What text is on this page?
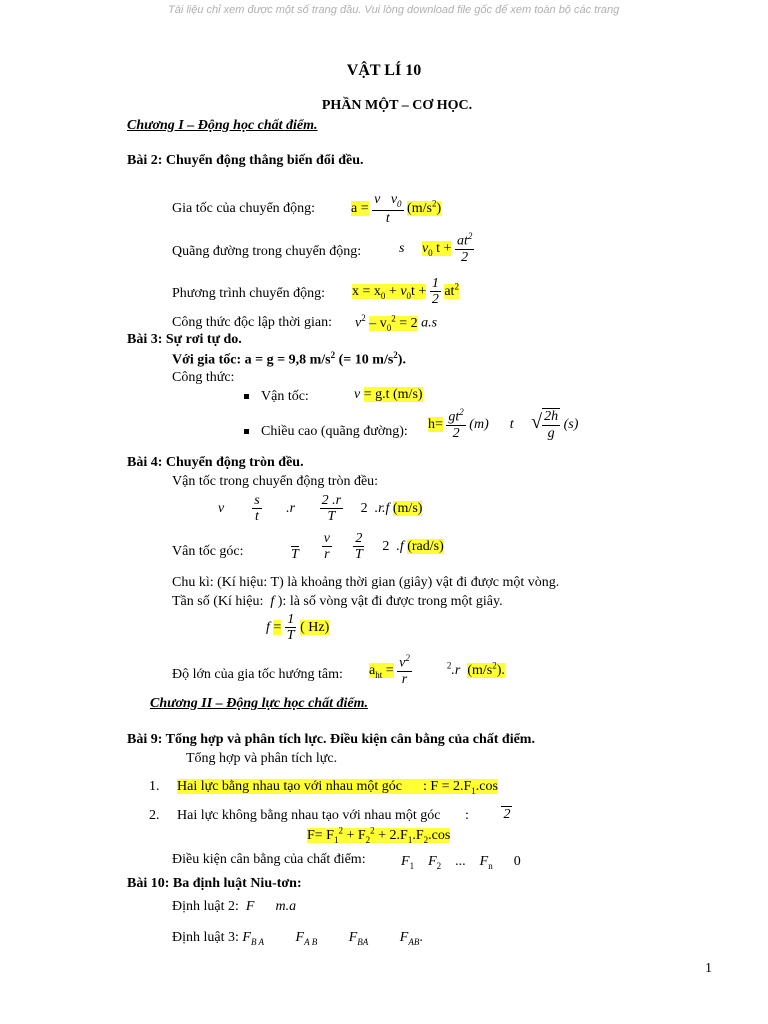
Tài liệu chỉ xem được một số trang đầu. Vui lòng download file gốc để xem toàn bộ các trang
VẬT LÍ 10
PHẦN MỘT – CƠ HỌC.
Chương I – Động học chất điểm.
Bài 2: Chuyển động thẳng biến đổi đều.
Gia tốc của chuyển động:	$a = \frac{v v_0}{t} (m/s^2)$
Quãng đường trong chuyển động:	s $v_0$ $t + \frac{at^2}{2}$
Phương trình chuyển động: $x = x_0 + v_0t + \frac{1}{2} at^2$
Công thức độc lập thời gian: $v^2 - v_0^2 = 2$ a.s
Bài 3: Sự rơi tự do.
Với gia tốc: a = g = 9,8 $m/s^2$ (= 10 $m/s^2$).
Công thức:
Vận tốc:	v = g.t (m/s)
Chiều cao (quãng đường): $h= \frac{gt^2}{2} (m)$ t √ $\frac{2h}{g} (s)$
Bài 4: Chuyển động tròn đều.
Vận tốc trong chuyển động tròn đều:
v $\frac{s}{t} .r \frac{2 .r}{T} 2$ .r.f (m/s)
Vân tốc góc:
	T
$\frac{v}{r}$
$\frac{2}{T} 2$ .f (rad/s)
Chu kì: (Kí hiệu: T) là khoảng thời gian (giây) vật đi được một vòng.
Tần số (Kí hiệu: f ): là số vòng vật đi được trong một giây.
$f = \frac{1}{T}$ ( Hz)
Độ lớn của gia tốc hướng tâm: $a_{ht} = \frac{v^2}{r}$	$^2$.r $(m/s^2)$.
Chương II – Động lực học chất điểm.
Bài 9: Tổng hợp và phân tích lực. Điều kiện cân bằng của chất điểm.
Tổng hợp và phân tích lực.
1. Hai lực bằng nhau tạo với nhau một góc : $F = 2.F_1.\cos$

2
2. Hai lực không bằng nhau tạo với nhau một góc :
$F= F_1^2 + F_2^2 + 2.F_1.F_2.\cos$
Điều kiện cân bằng của chất điểm:	$F_1$ $F_2$ ... $F_n$ 0
Bài 10: Ba định luật Niu-tơn:
Định luật 2: F m.a
Định luật 3: $F_{B A}$ $F_{A B}$ $F_{BA}$ $F_{AB}$.
1
